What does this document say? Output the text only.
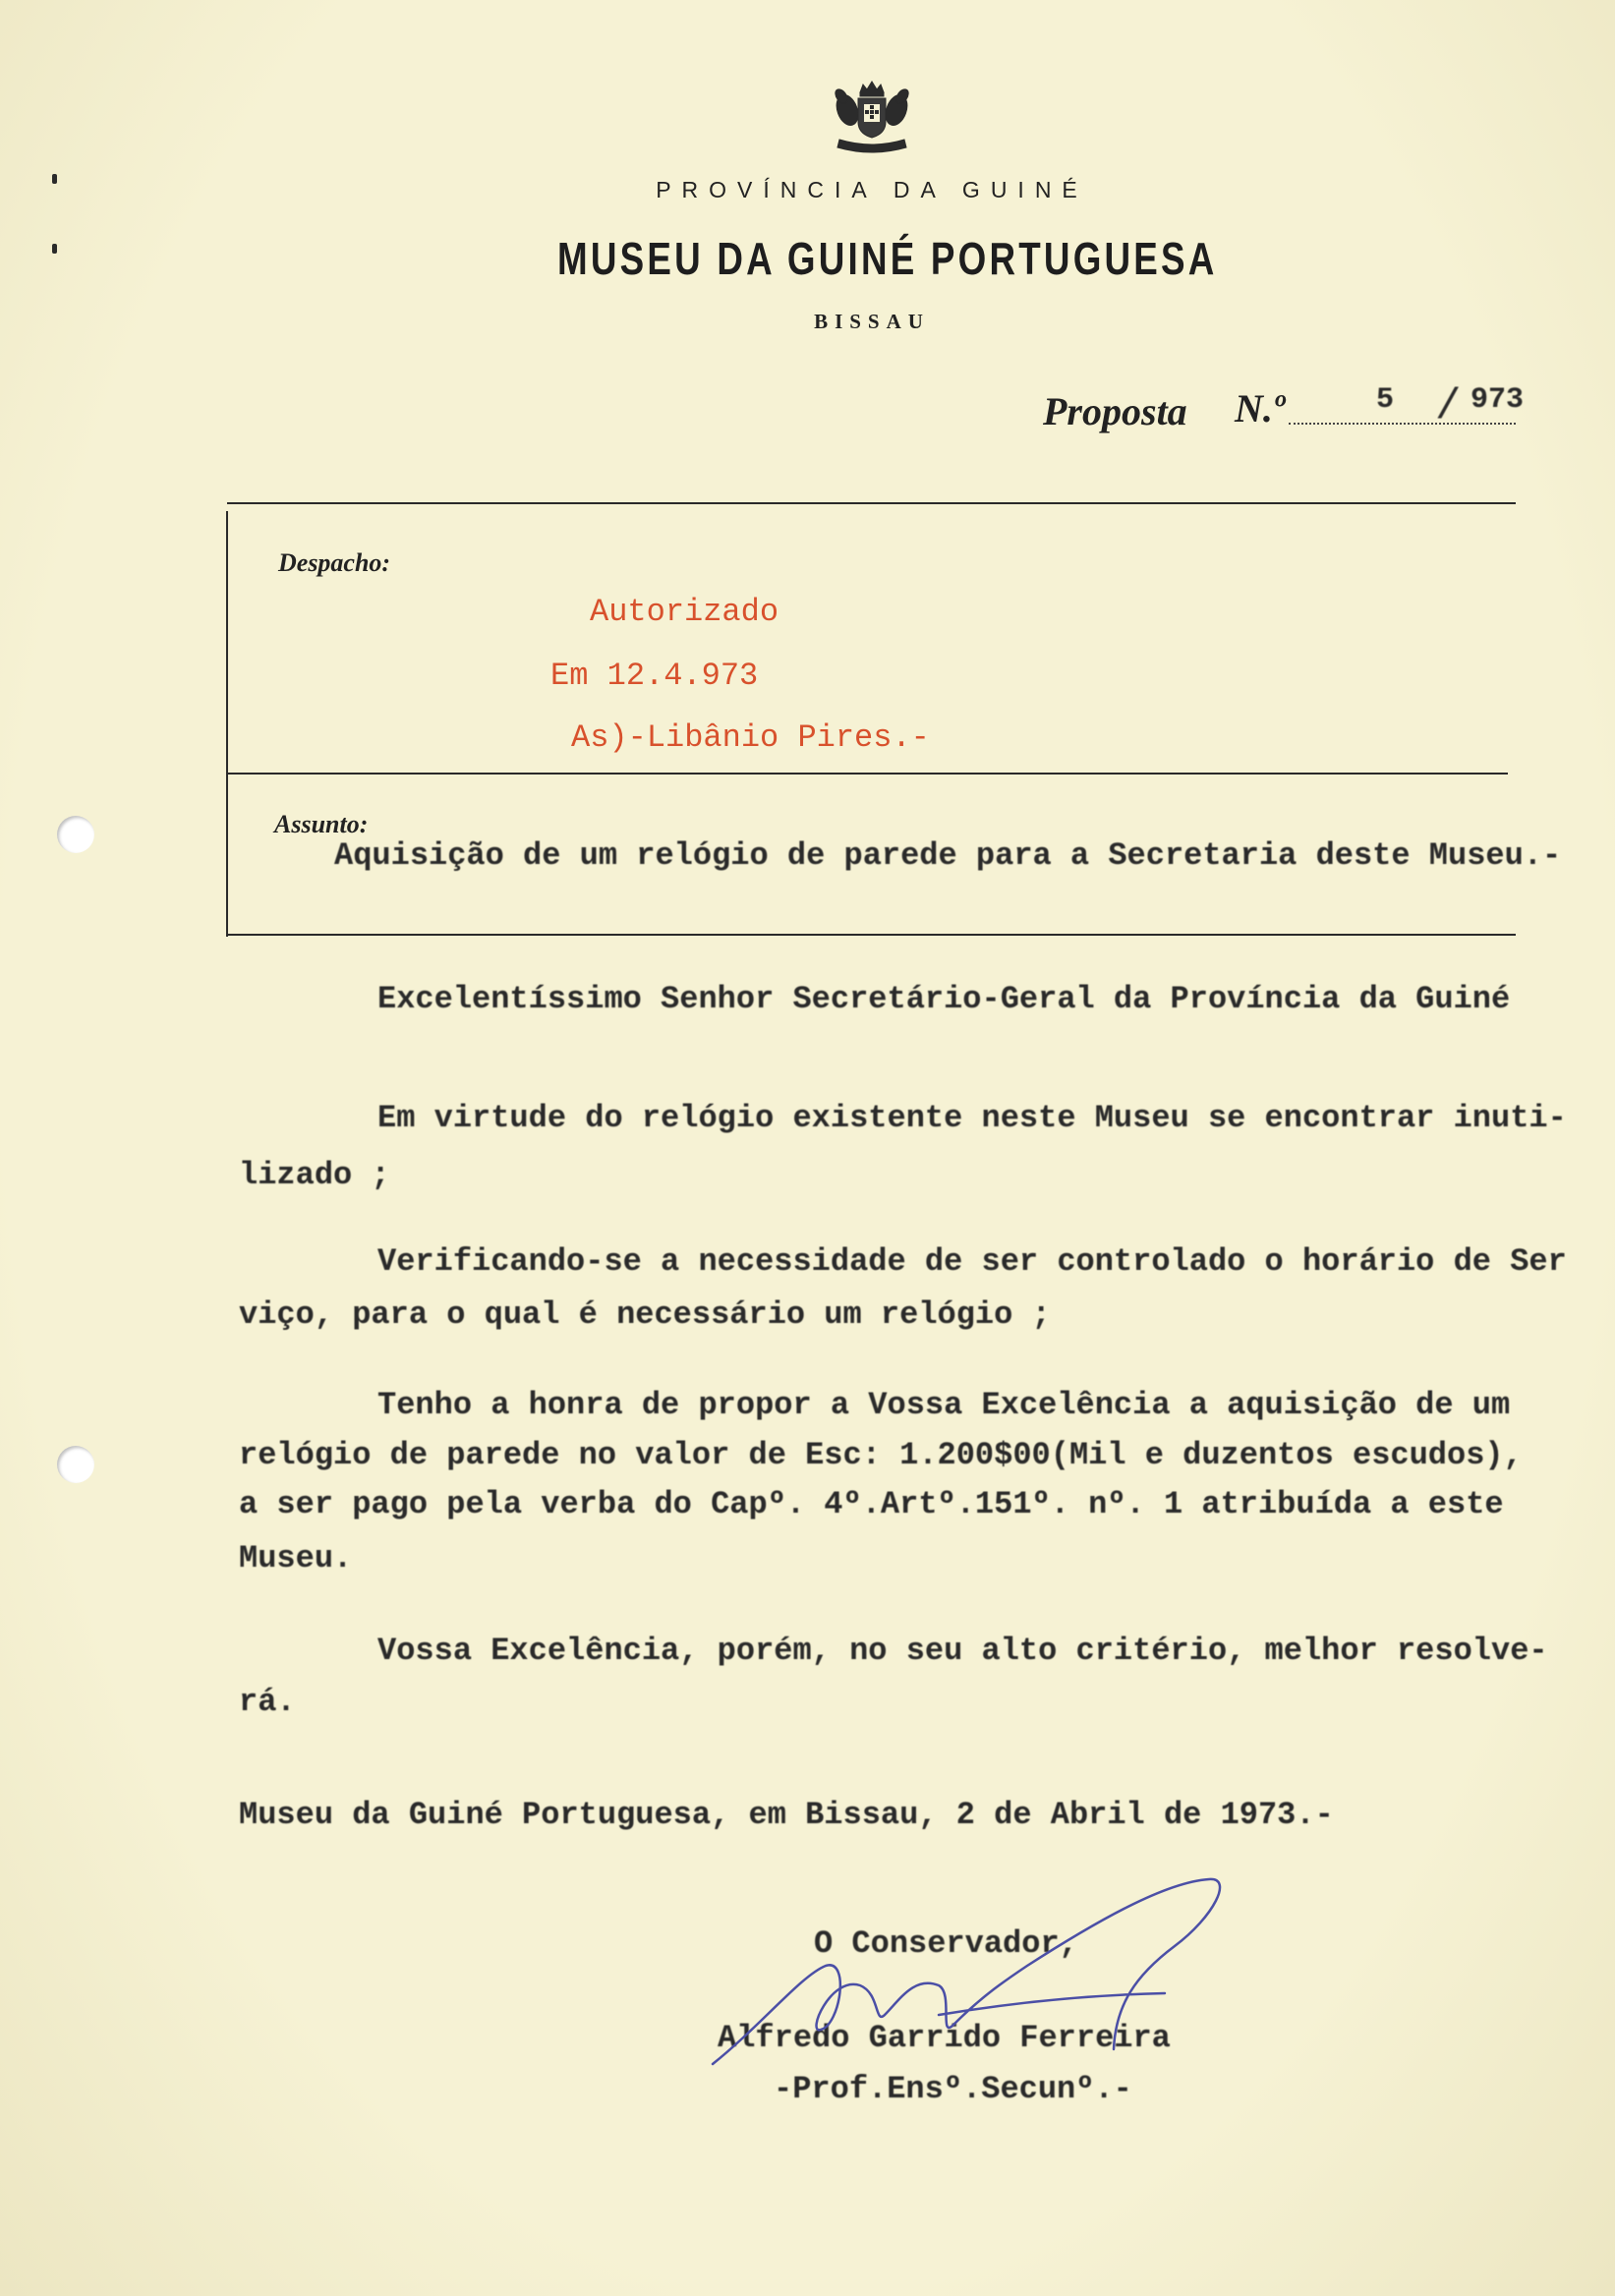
PROVÍNCIA DA GUINÉ
MUSEU DA GUINÉ PORTUGUESA
BISSAU
Proposta N.º	5 / 973
Despacho:
Autorizado
Em 12.4.973
As)-Libânio Pires.-
Assunto:
Aquisição de um relógio de parede para a Secretaria deste Museu.-
Excelentíssimo Senhor Secretário-Geral da Província da Guiné
Em virtude do relógio existente neste Museu se encontrar inuti-
lizado ;
Verificando-se a necessidade de ser controlado o horário de Ser
viço, para o qual é necessário um relógio ;
Tenho a honra de propor a Vossa Excelência a aquisição de um
relógio de parede no valor de Esc: 1.200$00(Mil e duzentos escudos),
a ser pago pela verba do Capº. 4º.Artº.151º. nº. 1 atribuída a este
Museu.
Vossa Excelência, porém, no seu alto critério, melhor resolve-
rá.
Museu da Guiné Portuguesa, em Bissau, 2 de Abril de 1973.-
O Conservador,
Alfredo Garrido Ferreira
-Prof.Ensº.Secunº.-
